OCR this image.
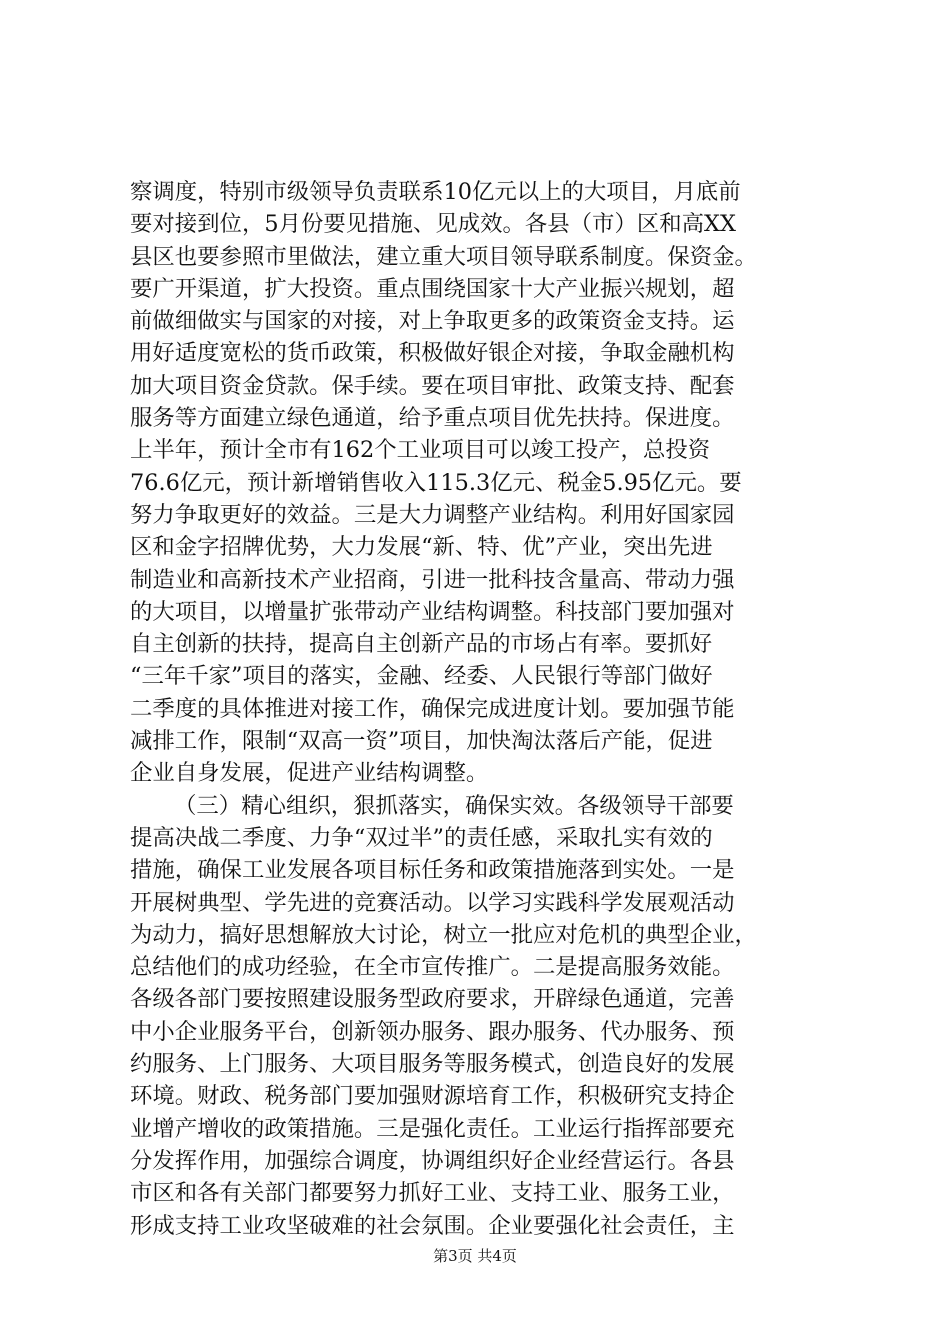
察调度，特别市级领导负责联系10亿元以上的大项目，月底前
要对接到位，5月份要见措施、见成效。各县（市）区和高XX
县区也要参照市里做法，建立重大项目领导联系制度。保资金。
要广开渠道，扩大投资。重点围绕国家十大产业振兴规划，超
前做细做实与国家的对接，对上争取更多的政策资金支持。运
用好适度宽松的货币政策，积极做好银企对接，争取金融机构
加大项目资金贷款。保手续。要在项目审批、政策支持、配套
服务等方面建立绿色通道，给予重点项目优先扶持。保进度。
上半年，预计全市有162个工业项目可以竣工投产，总投资
76.6亿元，预计新增销售收入115.3亿元、税金5.95亿元。要
努力争取更好的效益。三是大力调整产业结构。利用好国家园
区和金字招牌优势，大力发展“新、特、优”产业，突出先进
制造业和高新技术产业招商，引进一批科技含量高、带动力强
的大项目，以增量扩张带动产业结构调整。科技部门要加强对
自主创新的扶持，提高自主创新产品的市场占有率。要抓好
“三年千家”项目的落实，金融、经委、人民银行等部门做好
二季度的具体推进对接工作，确保完成进度计划。要加强节能
减排工作，限制“双高一资”项目，加快淘汰落后产能，促进
企业自身发展，促进产业结构调整。
（三）精心组织，狠抓落实，确保实效。各级领导干部要
提高决战二季度、力争“双过半”的责任感，采取扎实有效的
措施，确保工业发展各项目标任务和政策措施落到实处。一是
开展树典型、学先进的竞赛活动。以学习实践科学发展观活动
为动力，搞好思想解放大讨论，树立一批应对危机的典型企业，
总结他们的成功经验，在全市宣传推广。二是提高服务效能。
各级各部门要按照建设服务型政府要求，开辟绿色通道，完善
中小企业服务平台，创新领办服务、跟办服务、代办服务、预
约服务、上门服务、大项目服务等服务模式，创造良好的发展
环境。财政、税务部门要加强财源培育工作，积极研究支持企
业增产增收的政策措施。三是强化责任。工业运行指挥部要充
分发挥作用，加强综合调度，协调组织好企业经营运行。各县
市区和各有关部门都要努力抓好工业、支持工业、服务工业，
形成支持工业攻坚破难的社会氛围。企业要强化社会责任，主
第3页 共4页
